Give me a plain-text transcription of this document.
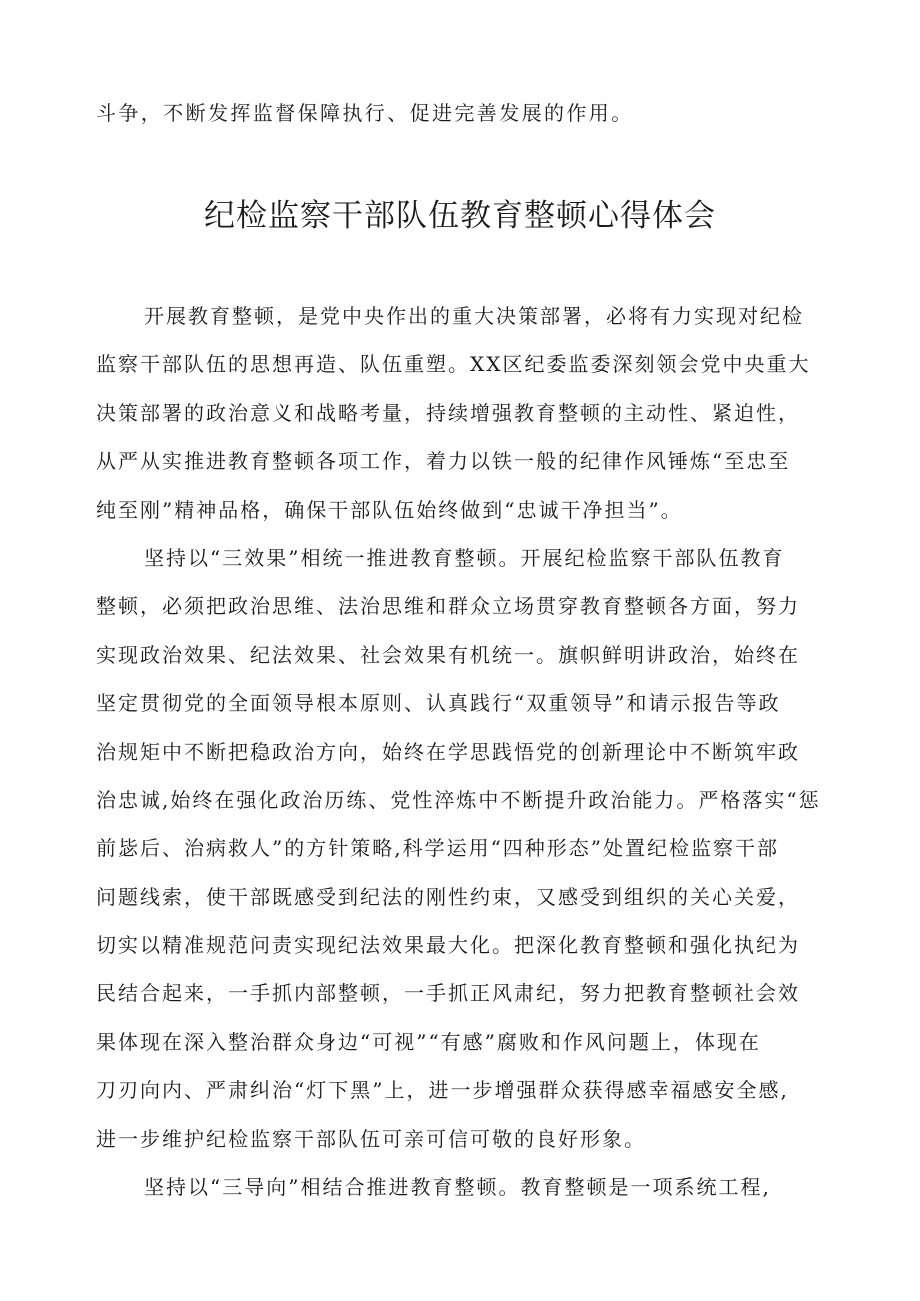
斗争，不断发挥监督保障执行、促进完善发展的作用。
纪检监察干部队伍教育整顿心得体会
开展教育整顿，是党中央作出的重大决策部署，必将有力实现对纪检
监察干部队伍的思想再造、队伍重塑。XX区纪委监委深刻领会党中央重大
决策部署的政治意义和战略考量，持续增强教育整顿的主动性、紧迫性，
从严从实推进教育整顿各项工作，着力以铁一般的纪律作风锤炼“至忠至
纯至刚”精神品格，确保干部队伍始终做到“忠诚干净担当”。
坚持以“三效果”相统一推进教育整顿。开展纪检监察干部队伍教育
整顿，必须把政治思维、法治思维和群众立场贯穿教育整顿各方面，努力
实现政治效果、纪法效果、社会效果有机统一。旗帜鲜明讲政治，始终在
坚定贯彻党的全面领导根本原则、认真践行“双重领导”和请示报告等政
治规矩中不断把稳政治方向，始终在学思践悟党的创新理论中不断筑牢政
治忠诚,始终在强化政治历练、党性淬炼中不断提升政治能力。严格落实“惩
前毖后、治病救人”的方针策略,科学运用“四种形态”处置纪检监察干部
问题线索，使干部既感受到纪法的刚性约束，又感受到组织的关心关爱，
切实以精准规范问责实现纪法效果最大化。把深化教育整顿和强化执纪为
民结合起来，一手抓内部整顿，一手抓正风肃纪，努力把教育整顿社会效
果体现在深入整治群众身边“可视”“有感”腐败和作风问题上，体现在
刀刃向内、严肃纠治“灯下黑”上，进一步增强群众获得感幸福感安全感,
进一步维护纪检监察干部队伍可亲可信可敬的良好形象。
坚持以“三导向”相结合推进教育整顿。教育整顿是一项系统工程,
